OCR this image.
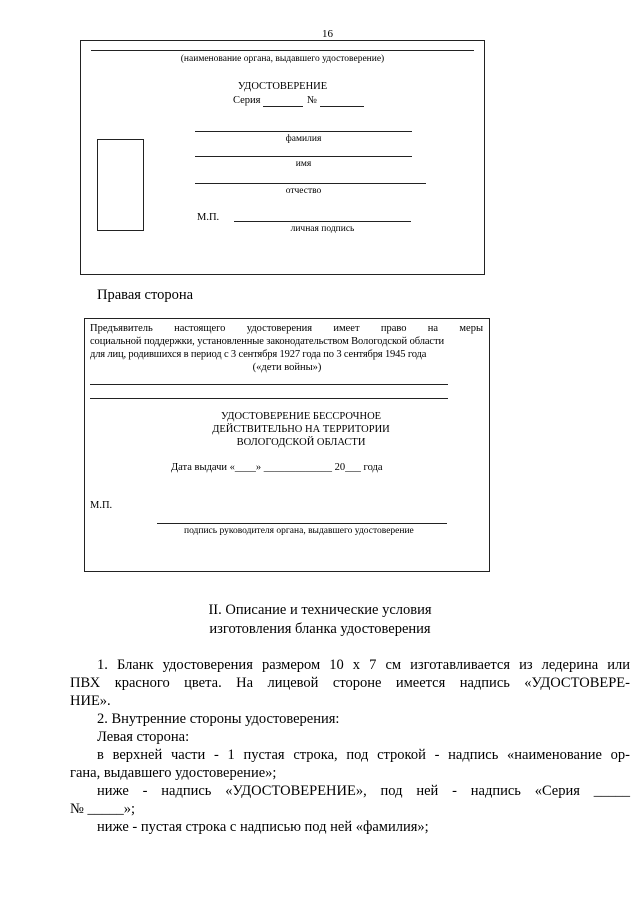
16
(наименование органа, выдавшего удостоверение)
УДОСТОВЕРЕНИЕ
Серия	№
фамилия
имя
отчество
М.П.
личная подпись
Правая сторона
Предъявитель настоящего удостоверения имеет право на меры
социальной поддержки, установленные законодательством Вологодской области
для лиц, родившихся в период с 3 сентября 1927 года по 3 сентября 1945 года
(«дети войны»)
УДОСТОВЕРЕНИЕ БЕССРОЧНОЕ
ДЕЙСТВИТЕЛЬНО НА ТЕРРИТОРИИ
ВОЛОГОДСКОЙ ОБЛАСТИ
Дата выдачи «____» _____________ 20___ года
М.П.
подпись руководителя органа, выдавшего удостоверение
II. Описание и технические условия
изготовления бланка удостоверения
1. Бланк удостоверения размером 10 х 7 см изготавливается из ледерина или
ПВХ красного цвета. На лицевой стороне имеется надпись «УДОСТОВЕРЕ-
НИЕ».
2. Внутренние стороны удостоверения:
Левая сторона:
в верхней части - 1 пустая строка, под строкой - надпись «наименование ор-
гана, выдавшего удостоверение»;
ниже - надпись «УДОСТОВЕРЕНИЕ», под ней - надпись «Серия _____
№ _____»;
ниже - пустая строка с надписью под ней «фамилия»;
